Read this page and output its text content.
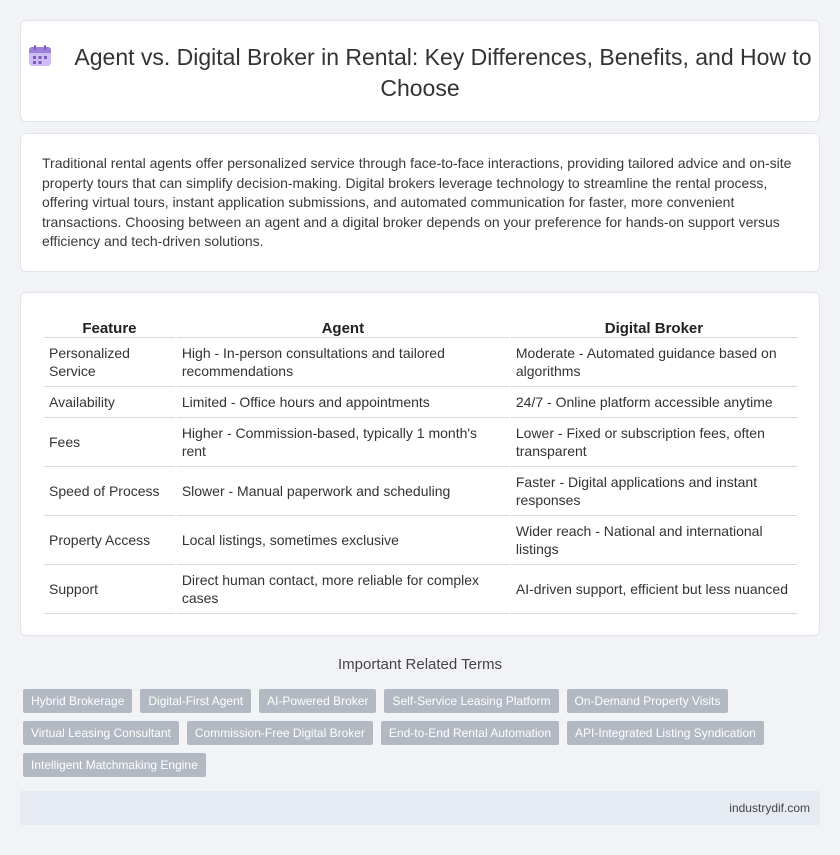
Agent vs. Digital Broker in Rental: Key Differences, Benefits, and How to Choose

Traditional rental agents offer personalized service through face-to-face interactions, providing tailored advice and on-site property tours that can simplify decision-making. Digital brokers leverage technology to streamline the rental process, offering virtual tours, instant application submissions, and automated communication for faster, more convenient transactions. Choosing between an agent and a digital broker depends on your preference for hands-on support versus efficiency and tech-driven solutions.

Feature	Agent	Digital Broker
Personalized Service	High - In-person consultations and tailored recommendations	Moderate - Automated guidance based on algorithms
Availability	Limited - Office hours and appointments	24/7 - Online platform accessible anytime
Fees	Higher - Commission-based, typically 1 month's rent	Lower - Fixed or subscription fees, often transparent
Speed of Process	Slower - Manual paperwork and scheduling	Faster - Digital applications and instant responses
Property Access	Local listings, sometimes exclusive	Wider reach - National and international listings
Support	Direct human contact, more reliable for complex cases	AI-driven support, efficient but less nuanced
Important Related Terms
Hybrid Brokerage	Digital-First Agent	AI-Powered Broker	Self-Service Leasing Platform	On-Demand Property Visits
Virtual Leasing Consultant	Commission-Free Digital Broker	End-to-End Rental Automation	API-Integrated Listing Syndication
Intelligent Matchmaking Engine
industrydif.com
